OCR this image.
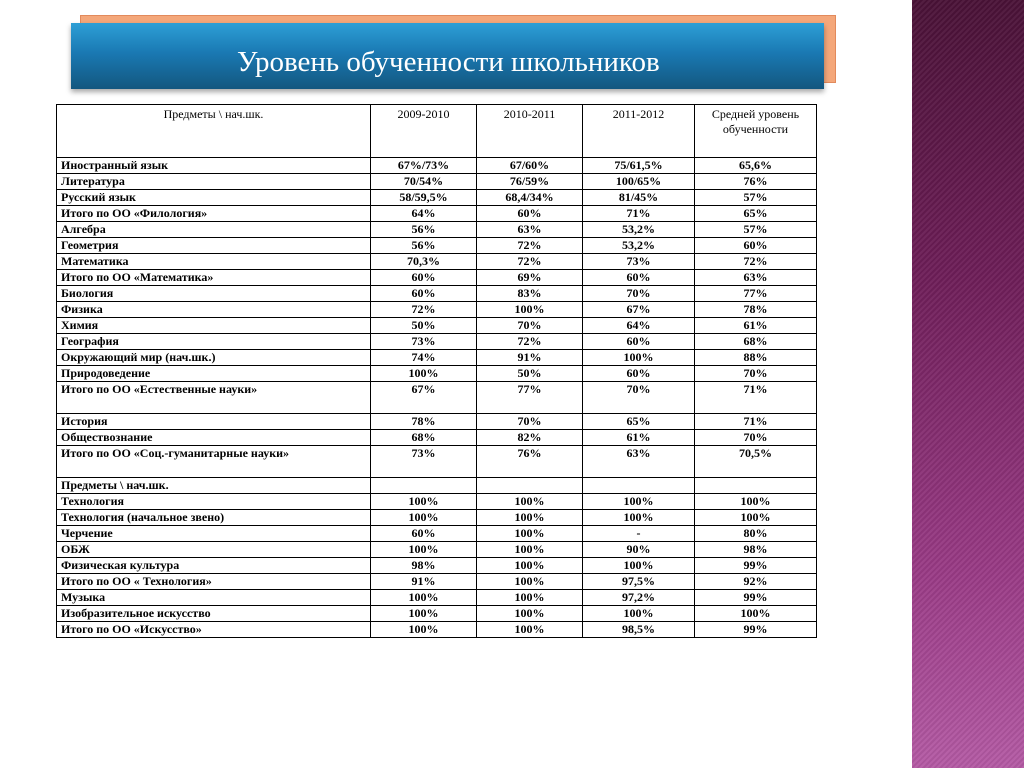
Уровень обученности школьников
Предметы \ нач.шк.	2009-2010	2010-2011	2011-2012	Средней уровень обученности
Иностранный язык	67%/73%	67/60%	75/61,5%	65,6%
Литература	70/54%	76/59%	100/65%	76%
Русский язык	58/59,5%	68,4/34%	81/45%	57%
Итого по ОО «Филология»	64%	60%	71%	65%
Алгебра	56%	63%	53,2%	57%
Геометрия	56%	72%	53,2%	60%
Математика	70,3%	72%	73%	72%
Итого по ОО «Математика»	60%	69%	60%	63%
Биология	60%	83%	70%	77%
Физика	72%	100%	67%	78%
Химия	50%	70%	64%	61%
География	73%	72%	60%	68%
Окружающий мир (нач.шк.)	74%	91%	100%	88%
Природоведение	100%	50%	60%	70%
Итого по ОО «Естественные науки»	67%	77%	70%	71%
История	78%	70%	65%	71%
Обществознание	68%	82%	61%	70%
Итого по ОО «Соц.-гуманитарные науки»	73%	76%	63%	70,5%
Предметы \ нач.шк.				
Технология	100%	100%	100%	100%
Технология (начальное звено)	100%	100%	100%	100%
Черчение	60%	100%	-	80%
ОБЖ	100%	100%	90%	98%
Физическая культура	98%	100%	100%	99%
Итого по ОО « Технология»	91%	100%	97,5%	92%
Музыка	100%	100%	97,2%	99%
Изобразительное искусство	100%	100%	100%	100%
Итого по ОО «Искусство»	100%	100%	98,5%	99%
